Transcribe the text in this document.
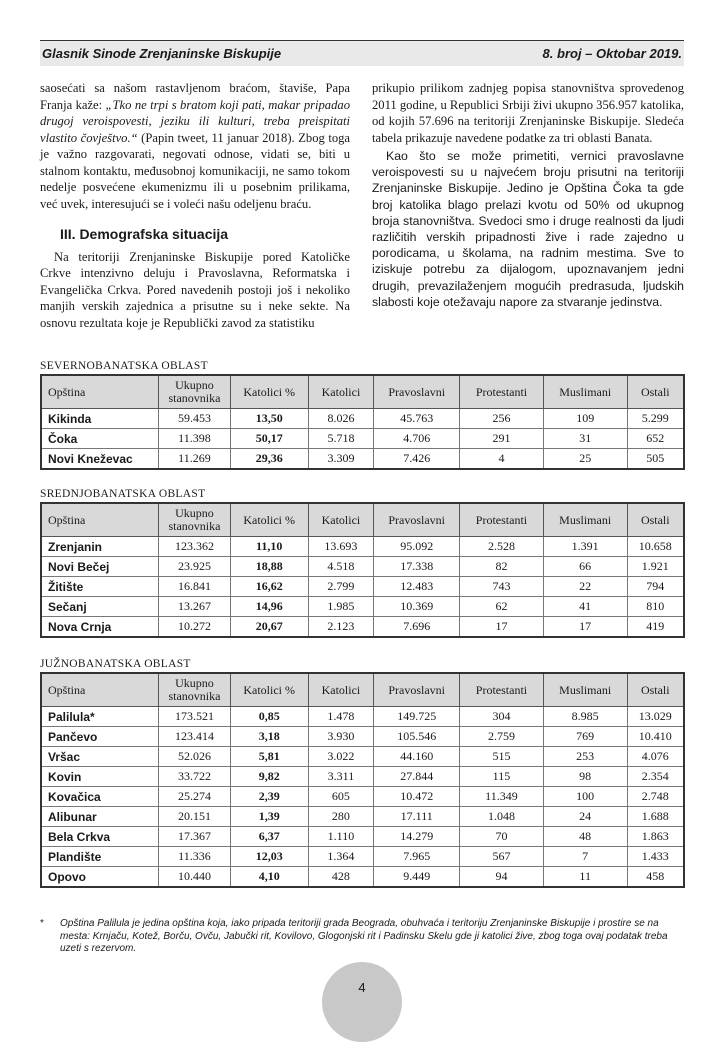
Glasnik Sinode Zrenjaninske Biskupije	8. broj – Oktobar 2019.

saosećati sa našom rastavljenom braćom, štaviše, Papa Franja kaže: „Tko ne trpi s bratom koji pati, makar pripadao drugoj veroispovesti, jeziku ili kulturi, treba preispitati vlastito čovještvo.“ (Papin tweet, 11 januar 2018). Zbog toga je važno razgovarati, negovati odnose, vidati se, biti u stalnom kontaktu, međusobnoj komunikaciji, ne samo tokom nedelje posvećene ekumenizmu ili u posebnim prilikama, već uvek, interesujući se i voleći našu odeljenu braću.

III. Demografska situacija

Na teritoriji Zrenjaninske Biskupije pored Katoličke Crkve intenzivno deluju i Pravoslavna, Reformatska i Evangelička Crkva. Pored navedenih postoji još i nekoliko manjih verskih zajednica a prisutne su i neke sekte. Na osnovu rezultata koje je Republički zavod za statistiku

prikupio prilikom zadnjeg popisa stanovništva sprovedenog 2011 godine, u Republici Srbiji živi ukupno 356.957 katolika, od kojih 57.696 na teritoriji Zrenjaninske Biskupije. Sledeća tabela prikazuje navedene podatke za tri oblasti Banata.

Kao što se može primetiti, vernici pravoslavne veroispovesti su u najvećem broju prisutni na teritoriji Zrenjaninske Biskupije. Jedino je Opština Čoka ta gde broj katolika blago prelazi kvotu od 50% od ukupnog broja stanovništva. Svedoci smo i druge realnosti da ljudi različitih verskih pripadnosti žive i rade zajedno u porodicama, u školama, na radnim mestima. Sve to iziskuje potrebu za dijalogom, upoznavanjem jedni drugih, prevazilaženjem mogućih predrasuda, ljudskih slabosti koje otežavaju napore za stvaranje jedinstva.

SEVERNOBANATSKA OBLAST
Opština	Ukupno stanovnika	Katolici %	Katolici	Pravoslavni	Protestanti	Muslimani	Ostali
Kikinda	59.453	13,50	8.026	45.763	256	109	5.299
Čoka	11.398	50,17	5.718	4.706	291	31	652
Novi Kneževac	11.269	29,36	3.309	7.426	4	25	505
SREDNJOBANATSKA OBLAST
Opština	Ukupno stanovnika	Katolici %	Katolici	Pravoslavni	Protestanti	Muslimani	Ostali
Zrenjanin	123.362	11,10	13.693	95.092	2.528	1.391	10.658
Novi Bečej	23.925	18,88	4.518	17.338	82	66	1.921
Žitište	16.841	16,62	2.799	12.483	743	22	794
Sečanj	13.267	14,96	1.985	10.369	62	41	810
Nova Crnja	10.272	20,67	2.123	7.696	17	17	419
JUŽNOBANATSKA OBLAST
Opština	Ukupno stanovnika	Katolici %	Katolici	Pravoslavni	Protestanti	Muslimani	Ostali
Palilula*	173.521	0,85	1.478	149.725	304	8.985	13.029
Pančevo	123.414	3,18	3.930	105.546	2.759	769	10.410
Vršac	52.026	5,81	3.022	44.160	515	253	4.076
Kovin	33.722	9,82	3.311	27.844	115	98	2.354
Kovačica	25.274	2,39	605	10.472	11.349	100	2.748
Alibunar	20.151	1,39	280	17.111	1.048	24	1.688
Bela Crkva	17.367	6,37	1.110	14.279	70	48	1.863
Plandište	11.336	12,03	1.364	7.965	567	7	1.433
Opovo	10.440	4,10	428	9.449	94	11	458
*	Opština Palilula je jedina opština koja, iako pripada teritoriji grada Beograda, obuhvaća i teritoriju Zrenjaninske Biskupije i prostire se na mesta: Krnjaču, Kotež, Borču, Ovču, Jabučki rit, Kovilovo, Glogonjski rit i Padinsku Skelu gde ji katolici žive, zbog toga ovaj podatak treba uzeti s rezervom.
4
